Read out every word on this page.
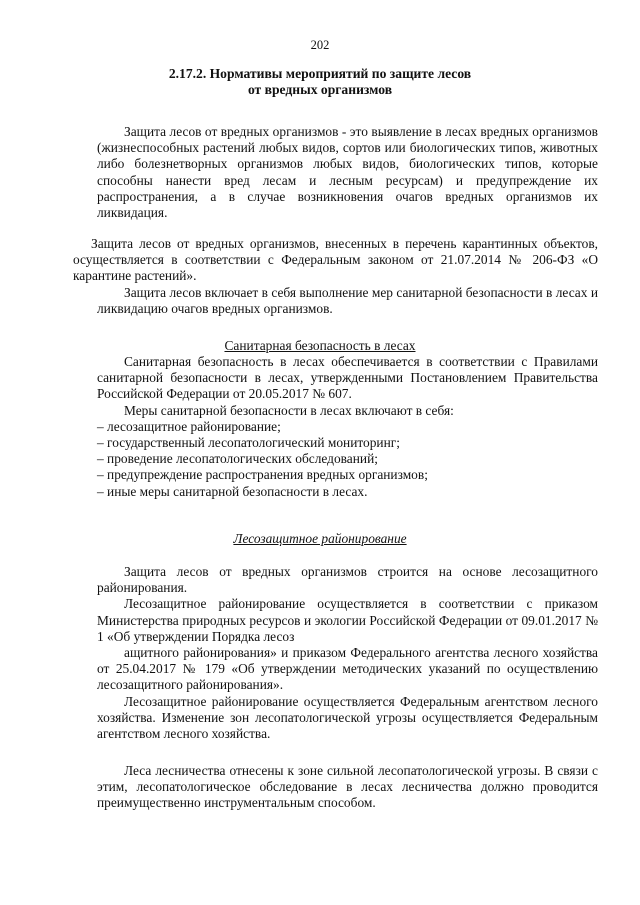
202
2.17.2. Нормативы мероприятий по защите лесов
от вредных организмов

Защита лесов от вредных организмов - это выявление в лесах вредных организмов (жизнеспособных растений любых видов, сортов или биологических типов, животных либо болезнетворных организмов любых видов, биологических типов, которые способны нанести вред лесам и лесным ресурсам) и предупреждение их распространения, а в случае возникновения очагов вредных организмов их ликвидация.

Защита лесов от вредных организмов, внесенных в перечень карантинных объектов, осуществляется в соответствии с Федеральным законом от 21.07.2014 № 206-ФЗ «О карантине растений».

Защита лесов включает в себя выполнение мер санитарной безопасности в лесах и ликвидацию очагов вредных организмов.

Санитарная безопасность в лесах

Санитарная безопасность в лесах обеспечивается в соответствии с Правилами санитарной безопасности в лесах, утвержденными Постановлением Правительства Российской Федерации от 20.05.2017 № 607.

Меры санитарной безопасности в лесах включают в себя:

– лесозащитное районирование;
– государственный лесопатологический мониторинг;
– проведение лесопатологических обследований;
– предупреждение распространения вредных организмов;
– иные меры санитарной безопасности в лесах.
Лесозащитное районирование

Защита лесов от вредных организмов строится на основе лесозащитного районирования.

Лесозащитное районирование осуществляется в соответствии с приказом Министерства природных ресурсов и экологии Российской Федерации от 09.01.2017 № 1 «Об утверждении Порядка лесоз

ащитного районирования» и приказом Федерального агентства лесного хозяйства от 25.04.2017 № 179 «Об утверждении методических указаний по осуществлению лесозащитного районирования».

Лесозащитное районирование осуществляется Федеральным агентством лесного хозяйства. Изменение зон лесопатологической угрозы осуществляется Федеральным агентством лесного хозяйства.

Леса лесничества отнесены к зоне сильной лесопатологической угрозы. В связи с этим, лесопатологическое обследование в лесах лесничества должно проводится преимущественно инструментальным способом.
